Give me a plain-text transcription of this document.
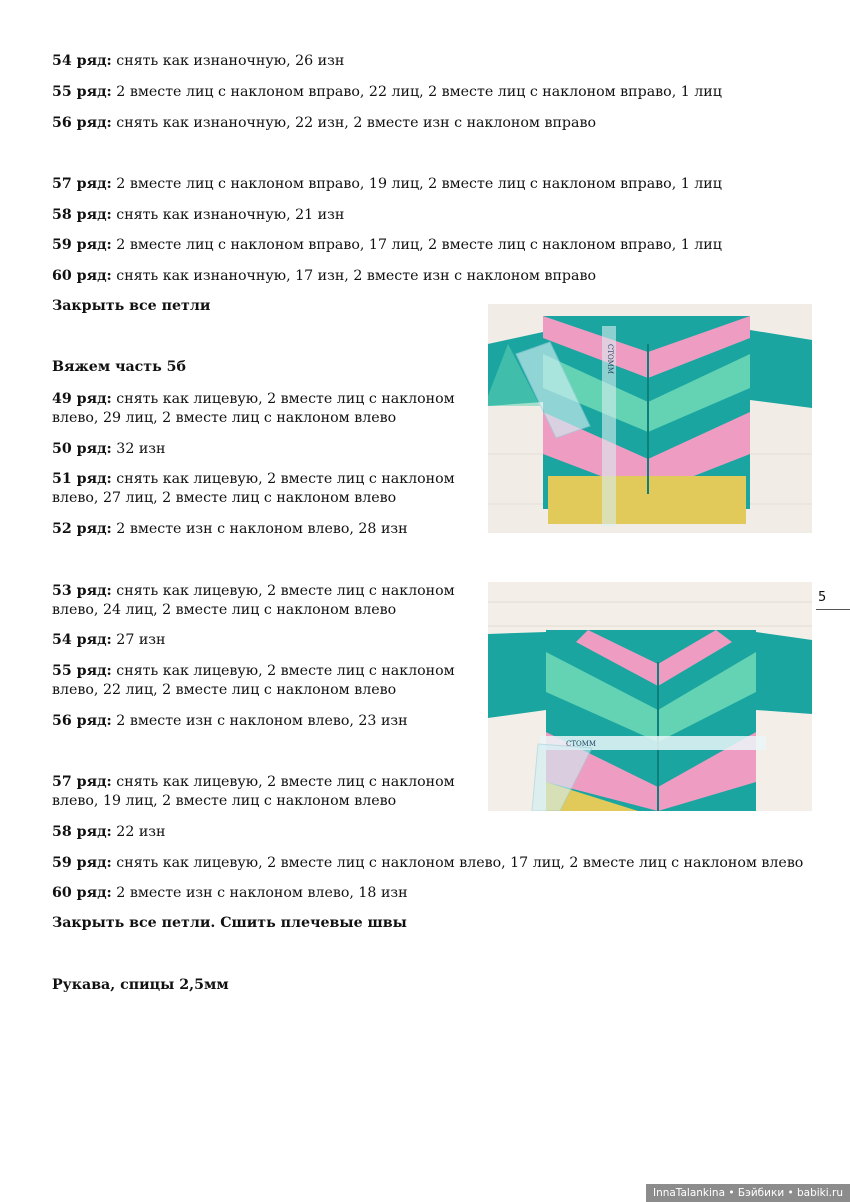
54 ряд: снять как изнаночную, 26 изн
55 ряд: 2 вместе лиц с наклоном вправо, 22 лиц, 2 вместе лиц с наклоном вправо, 1 лиц
56 ряд: снять как изнаночную, 22 изн, 2 вместе изн с наклоном вправо
57 ряд: 2 вместе лиц с наклоном вправо, 19 лиц, 2 вместе лиц с наклоном вправо, 1 лиц
58 ряд: снять как изнаночную, 21 изн
59 ряд: 2 вместе лиц с наклоном вправо, 17 лиц, 2 вместе лиц с наклоном вправо, 1 лиц
60 ряд: снять как изнаночную, 17 изн, 2 вместе изн с наклоном вправо
Закрыть все петли
Вяжем часть 5б
49 ряд: снять как лицевую, 2 вместе лиц с наклоном
влево, 29 лиц, 2 вместе лиц с наклоном влево
50 ряд: 32 изн
51 ряд: снять как лицевую, 2 вместе лиц с наклоном
влево, 27 лиц, 2 вместе лиц с наклоном влево
52 ряд: 2 вместе изн с наклоном влево, 28 изн
53 ряд: снять как лицевую, 2 вместе лиц с наклоном
влево, 24 лиц, 2 вместе лиц с наклоном влево
54 ряд: 27 изн
55 ряд: снять как лицевую, 2 вместе лиц с наклоном
влево, 22 лиц, 2 вместе лиц с наклоном влево
56 ряд: 2 вместе изн с наклоном влево, 23 изн
57 ряд: снять как лицевую, 2 вместе лиц с наклоном
влево, 19 лиц, 2 вместе лиц с наклоном влево
58 ряд: 22 изн
59 ряд: снять как лицевую, 2 вместе лиц с наклоном влево, 17 лиц, 2 вместе лиц с наклоном влево
60 ряд: 2 вместе изн с наклоном влево, 18 изн
Закрыть все петли. Сшить плечевые швы
Рукава, спицы 2,5мм
СТОММ
СТОММ
5
InnaTalankina • Бэйбики • babiki.ru
